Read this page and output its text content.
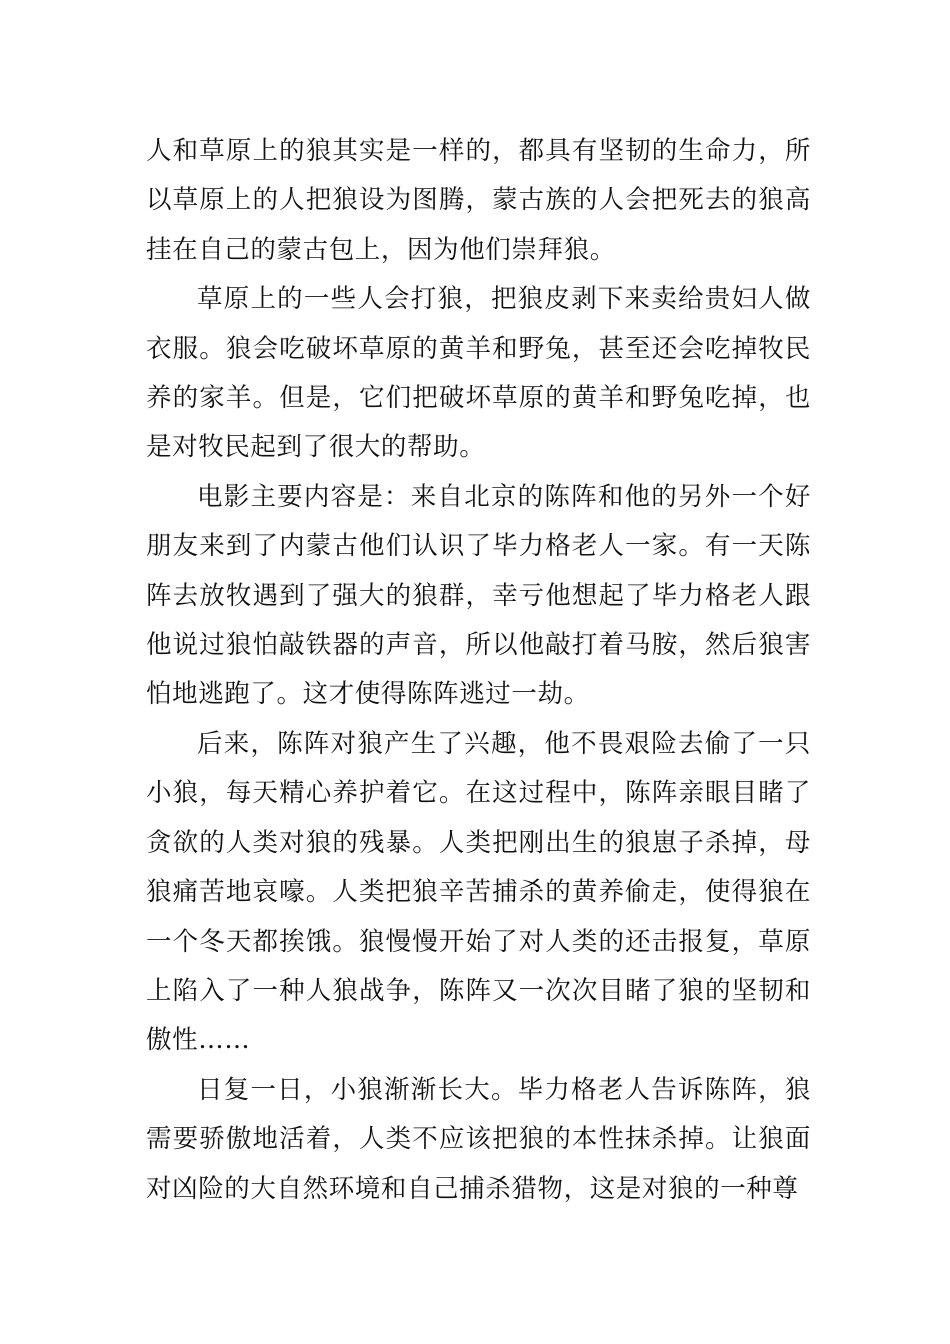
人和草原上的狼其实是一样的，都具有坚韧的生命力，所以草原上的人把狼设为图腾，蒙古族的人会把死去的狼高挂在自己的蒙古包上，因为他们崇拜狼。

草原上的一些人会打狼，把狼皮剥下来卖给贵妇人做衣服。狼会吃破坏草原的黄羊和野兔，甚至还会吃掉牧民养的家羊。但是，它们把破坏草原的黄羊和野兔吃掉，也是对牧民起到了很大的帮助。

电影主要内容是：来自北京的陈阵和他的另外一个好朋友来到了内蒙古他们认识了毕力格老人一家。有一天陈阵去放牧遇到了强大的狼群，幸亏他想起了毕力格老人跟他说过狼怕敲铁器的声音，所以他敲打着马胺，然后狼害怕地逃跑了。这才使得陈阵逃过一劫。

后来，陈阵对狼产生了兴趣，他不畏艰险去偷了一只小狼，每天精心养护着它。在这过程中，陈阵亲眼目睹了贪欲的人类对狼的残暴。人类把刚出生的狼崽子杀掉，母狼痛苦地哀嚎。人类把狼辛苦捕杀的黄养偷走，使得狼在一个冬天都挨饿。狼慢慢开始了对人类的还击报复，草原上陷入了一种人狼战争，陈阵又一次次目睹了狼的坚韧和傲性……

日复一日，小狼渐渐长大。毕力格老人告诉陈阵，狼需要骄傲地活着，人类不应该把狼的本性抹杀掉。让狼面对凶险的大自然环境和自己捕杀猎物，这是对狼的一种尊
